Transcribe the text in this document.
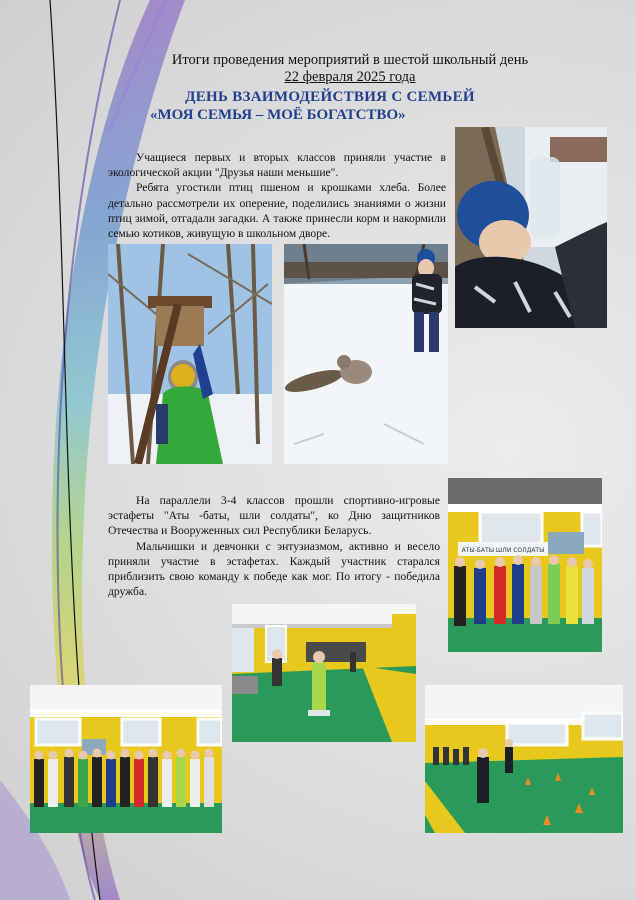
Итоги проведения мероприятий в шестой школьный день
22 февраля 2025 года
ДЕНЬ ВЗАИМОДЕЙСТВИЯ С СЕМЬЕЙ
«МОЯ СЕМЬЯ – МОЁ БОГАТСТВО»
Учащиеся первых и вторых классов приняли участие в экологической акции "Друзья наши меньшие".
Ребята угостили птиц пшеном и крошками хлеба. Более детально рассмотрели их оперение, поделились знаниями о жизни птиц зимой, отгадали загадки. А также принесли корм и накормили семью котиков, живущую в школьном дворе.
На параллели 3-4 классов прошли спортивно-игровые эстафеты "Аты -баты, шли солдаты", ко Дню защитников Отечества и Вооруженных сил Республики Беларусь.
Мальчишки и девчонки с энтузиазмом, активно и весело приняли участие в эстафетах. Каждый участник старался приблизить свою команду к победе как мог. По итогу - победила дружба.
АТЫ-БАТЫ ШЛИ СОЛДАТЫ
